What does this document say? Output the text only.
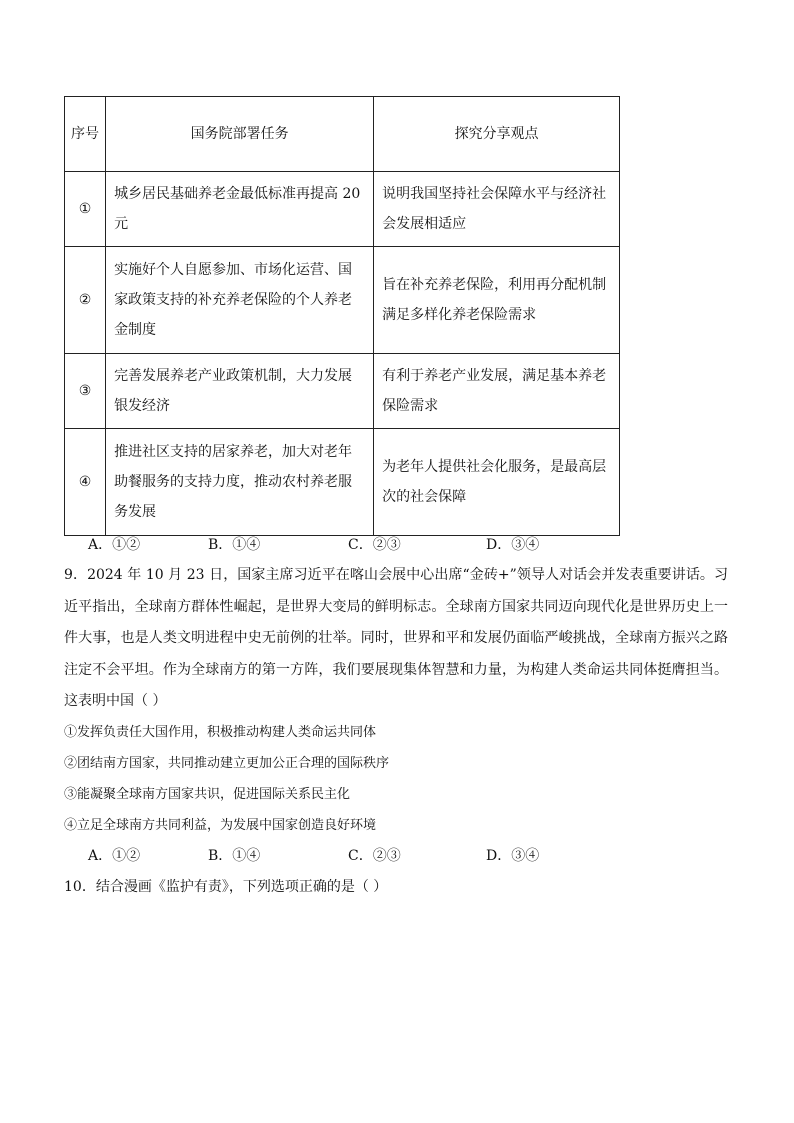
序号	国务院部署任务	探究分享观点
①	城乡居民基础养老金最低标准再提高 20 元	说明我国坚持社会保障水平与经济社会发展相适应
②	实施好个人自愿参加、市场化运营、国家政策支持的补充养老保险的个人养老金制度	旨在补充养老保险，利用再分配机制满足多样化养老保险需求
③	完善发展养老产业政策机制，大力发展银发经济	有利于养老产业发展，满足基本养老保险需求
④	推进社区支持的居家养老，加大对老年助餐服务的支持力度，推动农村养老服务发展	为老年人提供社会化服务，是最高层次的社会保障
A．①②	B．①④	C．②③	D．③④

9．2024 年 10 月 23 日，国家主席习近平在喀山会展中心出席“金砖+”领导人对话会并发表重要讲话。习近平指出，全球南方群体性崛起，是世界大变局的鲜明标志。全球南方国家共同迈向现代化是世界历史上一件大事，也是人类文明进程中史无前例的壮举。同时，世界和平和发展仍面临严峻挑战，全球南方振兴之路注定不会平坦。作为全球南方的第一方阵，我们要展现集体智慧和力量，为构建人类命运共同体挺膺担当。这表明中国（ ）

①发挥负责任大国作用，积极推动构建人类命运共同体
②团结南方国家，共同推动建立更加公正合理的国际秩序
③能凝聚全球南方国家共识，促进国际关系民主化
④立足全球南方共同利益，为发展中国家创造良好环境
A．①②	B．①④	C．②③	D．③④
10．结合漫画《监护有责》，下列选项正确的是（ ）
